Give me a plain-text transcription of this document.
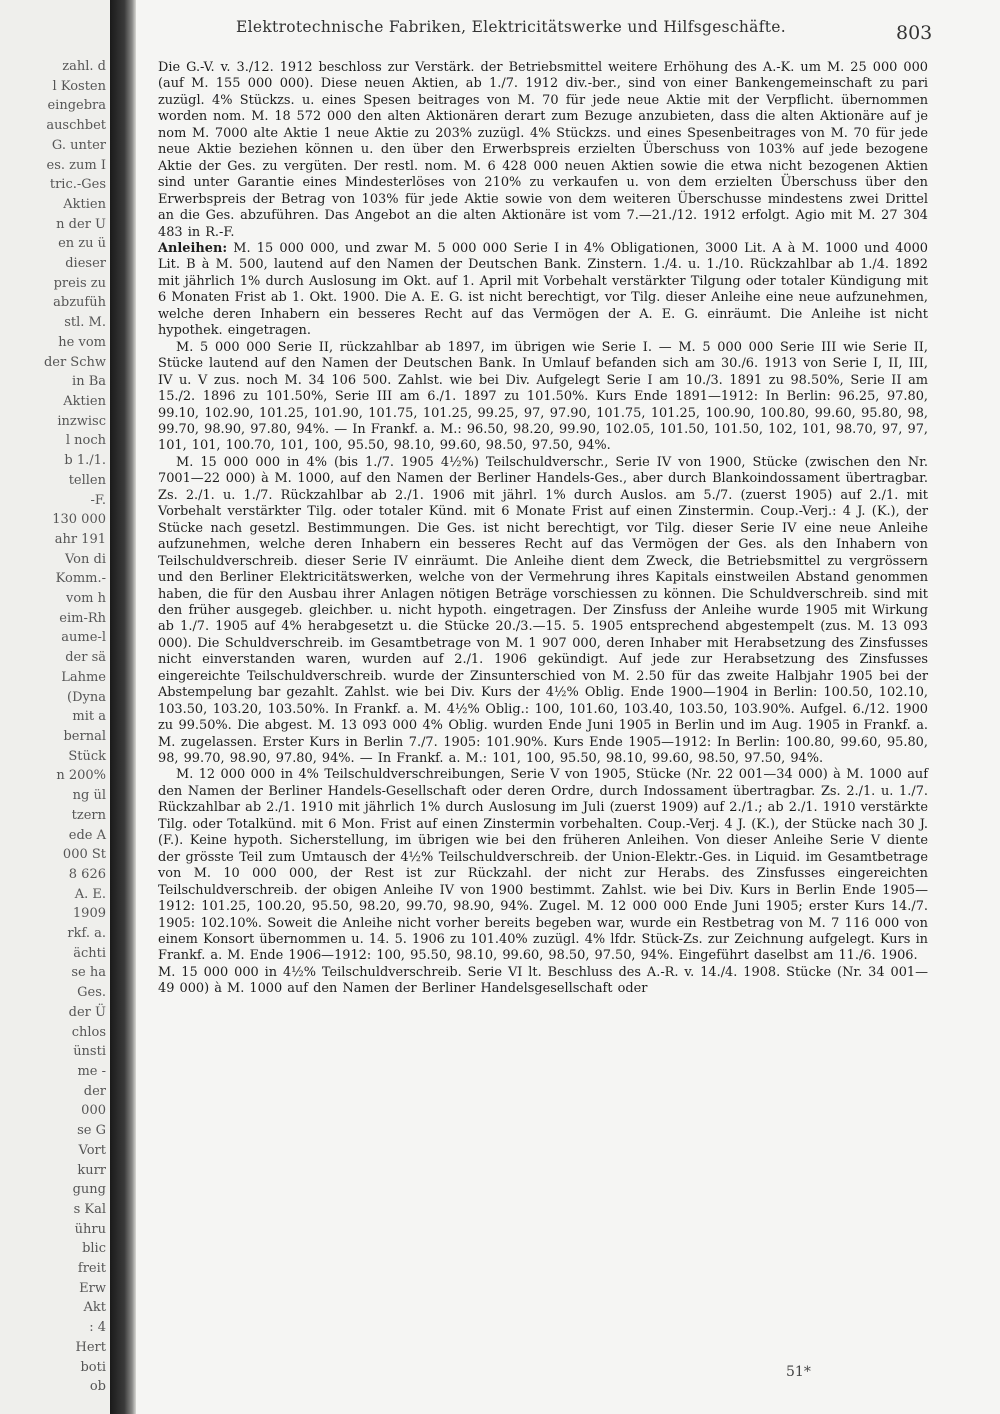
zahl. d
l Kosten
eingebra
auschbet
G. unter
es. zum I
tric.-Ges
Aktien
n der U
en zu ü
dieser
preis zu
abzufüh
stl. M.
he vom
der Schw
in Ba
Aktien
inzwisc
l noch
b 1./1.
tellen
-F.
130 000
ahr 191
Von di
Komm.-
vom h
eim-Rh
aume-l
der sä
Lahme
(Dyna
mit a
bernal
Stück
n 200%
ng ül
tzern
ede A
000 St
8 626
A. E.
1909
rkf. a.
ächti
se ha
Ges.
der Ü
chlos
ünsti
me -
der
000
se G
Vort
kurr
gung
s Kal
ühru
blic
freit
Erw
Akt
: 4
Hert
boti
ob
Elektrotechnische Fabriken, Elektricitätswerke und Hilfsgeschäfte.	803

Die G.-V. v. 3./12. 1912 beschloss zur Verstärk. der Betriebsmittel weitere Erhöhung des A.-K. um M. 25 000 000 (auf M. 155 000 000). Diese neuen Aktien, ab 1./7. 1912 div.-ber., sind von einer Bankengemeinschaft zu pari zuzügl. 4% Stückzs. u. eines Spesen beitrages von M. 70 für jede neue Aktie mit der Verpflicht. übernommen worden nom. M. 18 572 000 den alten Aktionären derart zum Bezuge anzubieten, dass die alten Aktionäre auf je nom M. 7000 alte Aktie 1 neue Aktie zu 203% zuzügl. 4% Stückzs. und eines Spesenbeitrages von M. 70 für jede neue Aktie beziehen können u. den über den Erwerbspreis erzielten Überschuss von 103% auf jede bezogene Aktie der Ges. zu vergüten. Der restl. nom. M. 6 428 000 neuen Aktien sowie die etwa nicht bezogenen Aktien sind unter Garantie eines Mindesterlöses von 210% zu verkaufen u. von dem erzielten Überschuss über den Erwerbspreis der Betrag von 103% für jede Aktie sowie von dem weiteren Überschusse mindestens zwei Drittel an die Ges. abzuführen. Das Angebot an die alten Aktionäre ist vom 7.—21./12. 1912 erfolgt. Agio mit M. 27 304 483 in R.-F.

Anleihen: M. 15 000 000, und zwar M. 5 000 000 Serie I in 4% Obligationen, 3000 Lit. A à M. 1000 und 4000 Lit. B à M. 500, lautend auf den Namen der Deutschen Bank. Zinstern. 1./4. u. 1./10. Rückzahlbar ab 1./4. 1892 mit jährlich 1% durch Auslosung im Okt. auf 1. April mit Vorbehalt verstärkter Tilgung oder totaler Kündigung mit 6 Monaten Frist ab 1. Okt. 1900. Die A. E. G. ist nicht berechtigt, vor Tilg. dieser Anleihe eine neue aufzunehmen, welche deren Inhabern ein besseres Recht auf das Vermögen der A. E. G. einräumt. Die Anleihe ist nicht hypothek. eingetragen.

M. 5 000 000 Serie II, rückzahlbar ab 1897, im übrigen wie Serie I. — M. 5 000 000 Serie III wie Serie II, Stücke lautend auf den Namen der Deutschen Bank. In Umlauf befanden sich am 30./6. 1913 von Serie I, II, III, IV u. V zus. noch M. 34 106 500. Zahlst. wie bei Div. Aufgelegt Serie I am 10./3. 1891 zu 98.50%, Serie II am 15./2. 1896 zu 101.50%, Serie III am 6./1. 1897 zu 101.50%. Kurs Ende 1891—1912: In Berlin: 96.25, 97.80, 99.10, 102.90, 101.25, 101.90, 101.75, 101.25, 99.25, 97, 97.90, 101.75, 101.25, 100.90, 100.80, 99.60, 95.80, 98, 99.70, 98.90, 97.80, 94%. — In Frankf. a. M.: 96.50, 98.20, 99.90, 102.05, 101.50, 101.50, 102, 101, 98.70, 97, 97, 101, 101, 100.70, 101, 100, 95.50, 98.10, 99.60, 98.50, 97.50, 94%.

M. 15 000 000 in 4% (bis 1./7. 1905 4½%) Teilschuldverschr., Serie IV von 1900, Stücke (zwischen den Nr. 7001—22 000) à M. 1000, auf den Namen der Berliner Handels-Ges., aber durch Blankoindossament übertragbar. Zs. 2./1. u. 1./7. Rückzahlbar ab 2./1. 1906 mit jährl. 1% durch Auslos. am 5./7. (zuerst 1905) auf 2./1. mit Vorbehalt verstärkter Tilg. oder totaler Künd. mit 6 Monate Frist auf einen Zinstermin. Coup.-Verj.: 4 J. (K.), der Stücke nach gesetzl. Bestimmungen. Die Ges. ist nicht berechtigt, vor Tilg. dieser Serie IV eine neue Anleihe aufzunehmen, welche deren Inhabern ein besseres Recht auf das Vermögen der Ges. als den Inhabern von Teilschuldverschreib. dieser Serie IV einräumt. Die Anleihe dient dem Zweck, die Betriebsmittel zu vergrössern und den Berliner Elektricitätswerken, welche von der Vermehrung ihres Kapitals einstweilen Abstand genommen haben, die für den Ausbau ihrer Anlagen nötigen Beträge vorschiessen zu können. Die Schuldverschreib. sind mit den früher ausgegeb. gleichber. u. nicht hypoth. eingetragen. Der Zinsfuss der Anleihe wurde 1905 mit Wirkung ab 1./7. 1905 auf 4% herabgesetzt u. die Stücke 20./3.—15. 5. 1905 entsprechend abgestempelt (zus. M. 13 093 000). Die Schuldverschreib. im Gesamtbetrage von M. 1 907 000, deren Inhaber mit Herabsetzung des Zinsfusses nicht einverstanden waren, wurden auf 2./1. 1906 gekündigt. Auf jede zur Herabsetzung des Zinsfusses eingereichte Teilschuldverschreib. wurde der Zinsunterschied von M. 2.50 für das zweite Halbjahr 1905 bei der Abstempelung bar gezahlt. Zahlst. wie bei Div. Kurs der 4½% Oblig. Ende 1900—1904 in Berlin: 100.50, 102.10, 103.50, 103.20, 103.50%. In Frankf. a. M. 4½% Oblig.: 100, 101.60, 103.40, 103.50, 103.90%. Aufgel. 6./12. 1900 zu 99.50%. Die abgest. M. 13 093 000 4% Oblig. wurden Ende Juni 1905 in Berlin und im Aug. 1905 in Frankf. a. M. zugelassen. Erster Kurs in Berlin 7./7. 1905: 101.90%. Kurs Ende 1905—1912: In Berlin: 100.80, 99.60, 95.80, 98, 99.70, 98.90, 97.80, 94%. — In Frankf. a. M.: 101, 100, 95.50, 98.10, 99.60, 98.50, 97.50, 94%.

M. 12 000 000 in 4% Teilschuldverschreibungen, Serie V von 1905, Stücke (Nr. 22 001—34 000) à M. 1000 auf den Namen der Berliner Handels-Gesellschaft oder deren Ordre, durch Indossament übertragbar. Zs. 2./1. u. 1./7. Rückzahlbar ab 2./1. 1910 mit jährlich 1% durch Auslosung im Juli (zuerst 1909) auf 2./1.; ab 2./1. 1910 verstärkte Tilg. oder Totalkünd. mit 6 Mon. Frist auf einen Zinstermin vorbehalten. Coup.-Verj. 4 J. (K.), der Stücke nach 30 J. (F.). Keine hypoth. Sicherstellung, im übrigen wie bei den früheren Anleihen. Von dieser Anleihe Serie V diente der grösste Teil zum Umtausch der 4½% Teilschuldverschreib. der Union-Elektr.-Ges. in Liquid. im Gesamtbetrage von M. 10 000 000, der Rest ist zur Rückzahl. der nicht zur Herabs. des Zinsfusses eingereichten Teilschuldverschreib. der obigen Anleihe IV von 1900 bestimmt. Zahlst. wie bei Div. Kurs in Berlin Ende 1905—1912: 101.25, 100.20, 95.50, 98.20, 99.70, 98.90, 94%. Zugel. M. 12 000 000 Ende Juni 1905; erster Kurs 14./7. 1905: 102.10%. Soweit die Anleihe nicht vorher bereits begeben war, wurde ein Restbetrag von M. 7 116 000 von einem Konsort übernommen u. 14. 5. 1906 zu 101.40% zuzügl. 4% lfdr. Stück-Zs. zur Zeichnung aufgelegt. Kurs in Frankf. a. M. Ende 1906—1912: 100, 95.50, 98.10, 99.60, 98.50, 97.50, 94%. Eingeführt daselbst am 11./6. 1906.

M. 15 000 000 in 4½% Teilschuldverschreib. Serie VI lt. Beschluss des A.-R. v. 14./4. 1908. Stücke (Nr. 34 001—49 000) à M. 1000 auf den Namen der Berliner Handelsgesellschaft oder

51*
